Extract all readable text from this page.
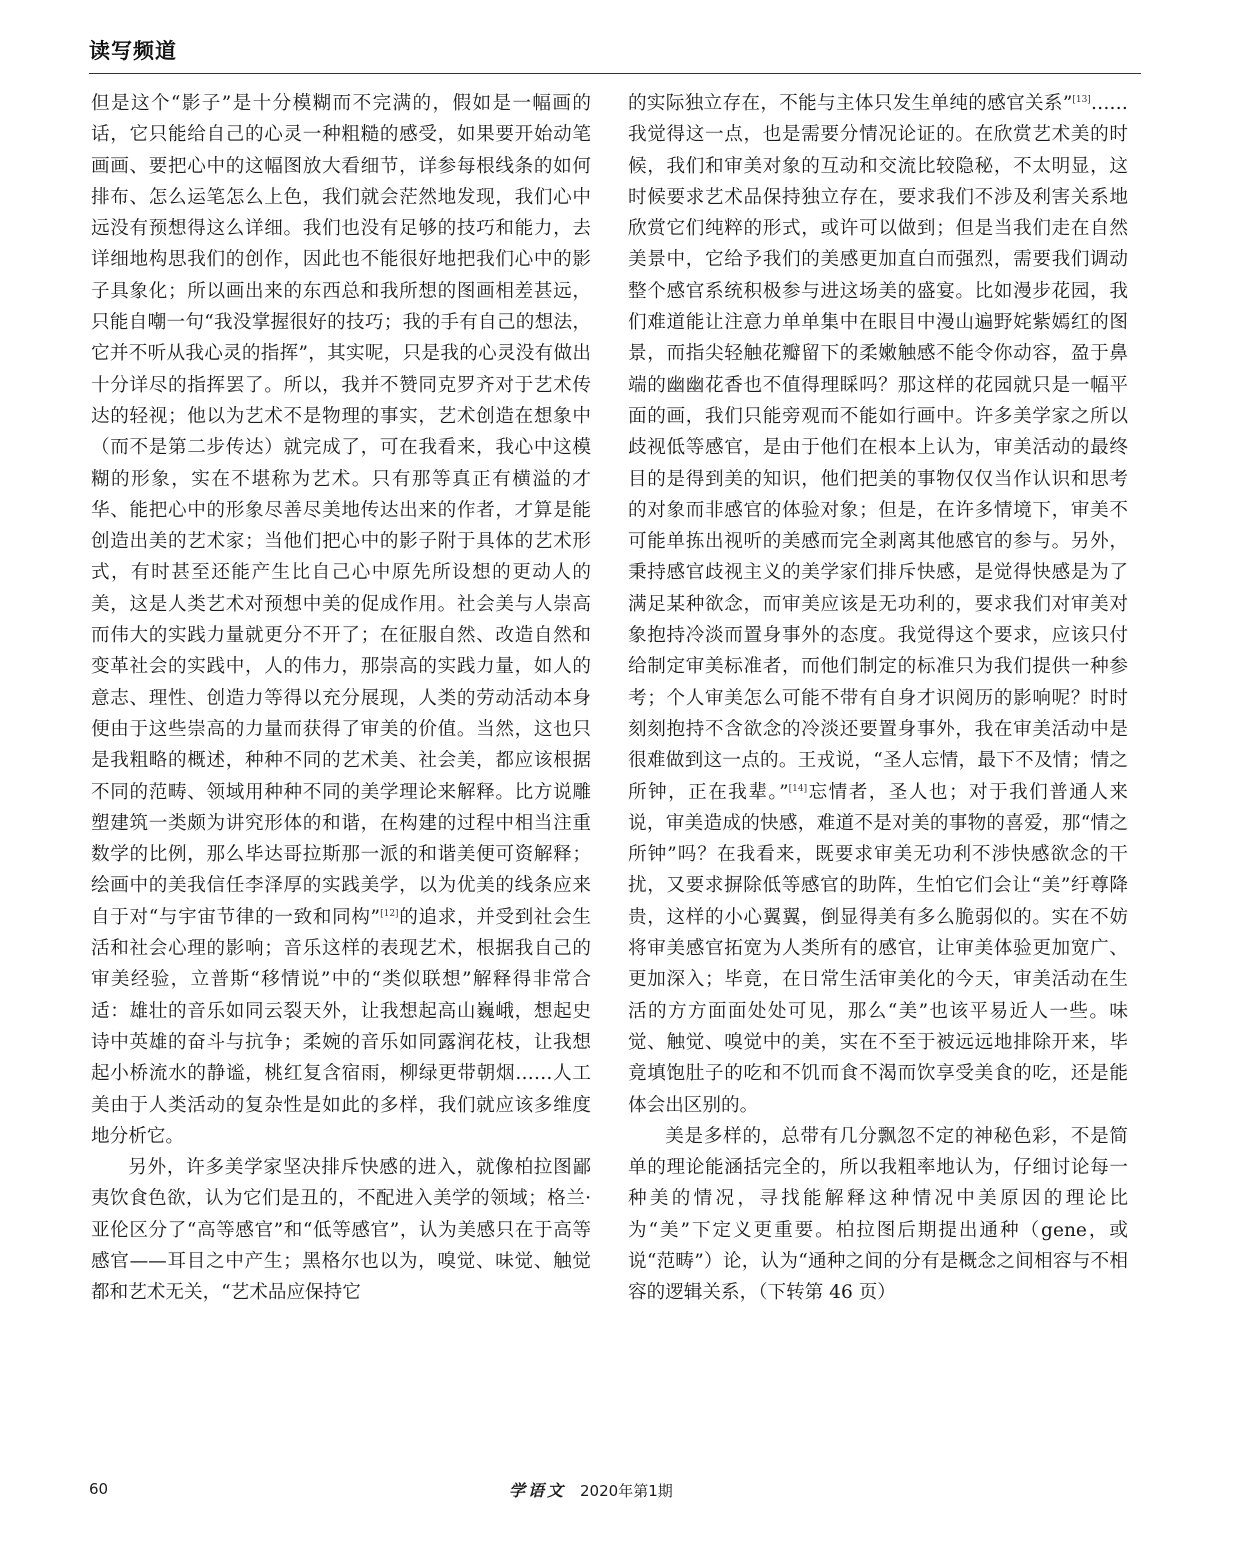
读写频道

但是这个“影子”是十分模糊而不完满的，假如是一幅画的话，它只能给自己的心灵一种粗糙的感受，如果要开始动笔画画、要把心中的这幅图放大看细节，详参每根线条的如何排布、怎么运笔怎么上色，我们就会茫然地发现，我们心中远没有预想得这么详细。我们也没有足够的技巧和能力，去详细地构思我们的创作，因此也不能很好地把我们心中的影子具象化；所以画出来的东西总和我所想的图画相差甚远，只能自嘲一句“我没掌握很好的技巧；我的手有自己的想法，它并不听从我心灵的指挥”，其实呢，只是我的心灵没有做出十分详尽的指挥罢了。所以，我并不赞同克罗齐对于艺术传达的轻视；他以为艺术不是物理的事实，艺术创造在想象中（而不是第二步传达）就完成了，可在我看来，我心中这模糊的形象，实在不堪称为艺术。只有那等真正有横溢的才华、能把心中的形象尽善尽美地传达出来的作者，才算是能创造出美的艺术家；当他们把心中的影子附于具体的艺术形式，有时甚至还能产生比自己心中原先所设想的更动人的美，这是人类艺术对预想中美的促成作用。社会美与人崇高而伟大的实践力量就更分不开了；在征服自然、改造自然和变革社会的实践中，人的伟力，那崇高的实践力量，如人的意志、理性、创造力等得以充分展现，人类的劳动活动本身便由于这些崇高的力量而获得了审美的价值。当然，这也只是我粗略的概述，种种不同的艺术美、社会美，都应该根据不同的范畴、领域用种种不同的美学理论来解释。比方说雕塑建筑一类颇为讲究形体的和谐，在构建的过程中相当注重数学的比例，那么毕达哥拉斯那一派的和谐美便可资解释；绘画中的美我信任李泽厚的实践美学，以为优美的线条应来自于对“与宇宙节律的一致和同构”[12]的追求，并受到社会生活和社会心理的影响；音乐这样的表现艺术，根据我自己的审美经验，立普斯“移情说”中的“类似联想”解释得非常合适：雄壮的音乐如同云裂天外，让我想起高山巍峨，想起史诗中英雄的奋斗与抗争；柔婉的音乐如同露润花枝，让我想起小桥流水的静谧，桃红复含宿雨，柳绿更带朝烟……人工美由于人类活动的复杂性是如此的多样，我们就应该多维度地分析它。

另外，许多美学家坚决排斥快感的进入，就像柏拉图鄙夷饮食色欲，认为它们是丑的，不配进入美学的领域；格兰·亚伦区分了“高等感官”和“低等感官”，认为美感只在于高等感官——耳目之中产生；黑格尔也以为，嗅觉、味觉、触觉都和艺术无关，“艺术品应保持它

的实际独立存在，不能与主体只发生单纯的感官关系”[13]……我觉得这一点，也是需要分情况论证的。在欣赏艺术美的时候，我们和审美对象的互动和交流比较隐秘，不太明显，这时候要求艺术品保持独立存在，要求我们不涉及利害关系地欣赏它们纯粹的形式，或许可以做到；但是当我们走在自然美景中，它给予我们的美感更加直白而强烈，需要我们调动整个感官系统积极参与进这场美的盛宴。比如漫步花园，我们难道能让注意力单单集中在眼目中漫山遍野姹紫嫣红的图景，而指尖轻触花瓣留下的柔嫩触感不能令你动容，盈于鼻端的幽幽花香也不值得理睬吗？那这样的花园就只是一幅平面的画，我们只能旁观而不能如行画中。许多美学家之所以歧视低等感官，是由于他们在根本上认为，审美活动的最终目的是得到美的知识，他们把美的事物仅仅当作认识和思考的对象而非感官的体验对象；但是，在许多情境下，审美不可能单拣出视听的美感而完全剥离其他感官的参与。另外，秉持感官歧视主义的美学家们排斥快感，是觉得快感是为了满足某种欲念，而审美应该是无功利的，要求我们对审美对象抱持冷淡而置身事外的态度。我觉得这个要求，应该只付给制定审美标准者，而他们制定的标准只为我们提供一种参考；个人审美怎么可能不带有自身才识阅历的影响呢？时时刻刻抱持不含欲念的冷淡还要置身事外，我在审美活动中是很难做到这一点的。王戎说，“圣人忘情，最下不及情；情之所钟，正在我辈。”[14]忘情者，圣人也；对于我们普通人来说，审美造成的快感，难道不是对美的事物的喜爱，那“情之所钟”吗？在我看来，既要求审美无功利不涉快感欲念的干扰，又要求摒除低等感官的助阵，生怕它们会让“美”纡尊降贵，这样的小心翼翼，倒显得美有多么脆弱似的。实在不妨将审美感官拓宽为人类所有的感官，让审美体验更加宽广、更加深入；毕竟，在日常生活审美化的今天，审美活动在生活的方方面面处处可见，那么“美”也该平易近人一些。味觉、触觉、嗅觉中的美，实在不至于被远远地排除开来，毕竟填饱肚子的吃和不饥而食不渴而饮享受美食的吃，还是能体会出区别的。

美是多样的，总带有几分飘忽不定的神秘色彩，不是简单的理论能涵括完全的，所以我粗率地认为，仔细讨论每一种美的情况，寻找能解释这种情况中美原因的理论比为“美”下定义更重要。柏拉图后期提出通种（gene，或说“范畴”）论，认为“通种之间的分有是概念之间相容与不相容的逻辑关系，（下转第 46 页）

60	学语文 2020年第1期
